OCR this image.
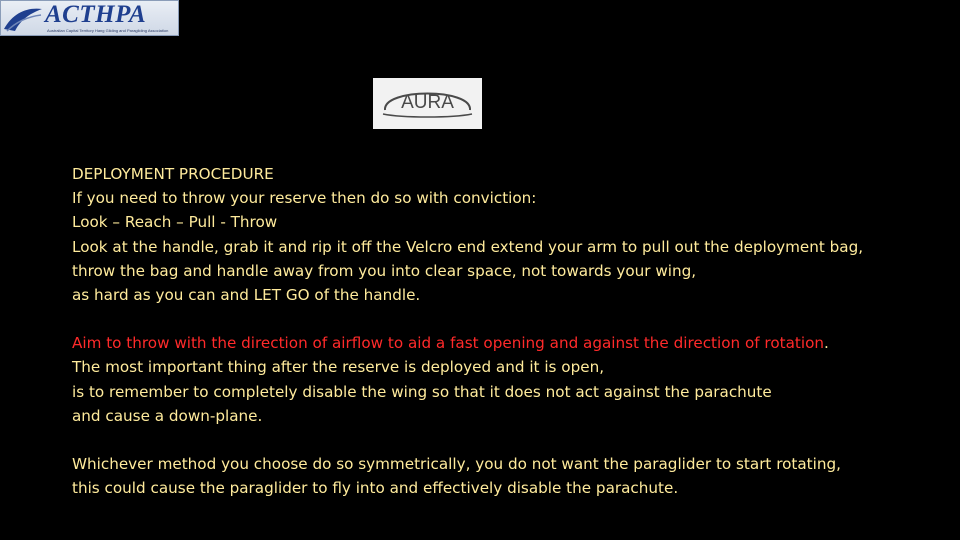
ACTHPA
Australian Capital Territory Hang Gliding and Paragliding Association
AURA

DEPLOYMENT PROCEDURE
If you need to throw your reserve then do so with conviction:
Look – Reach – Pull - Throw
Look at the handle, grab it and rip it off the Velcro end extend your arm to pull out the deployment bag,
throw the bag and handle away from you into clear space, not towards your wing,
as hard as you can and LET GO of the handle.

Aim to throw with the direction of airflow to aid a fast opening and against the direction of rotation.
The most important thing after the reserve is deployed and it is open,
is to remember to completely disable the wing so that it does not act against the parachute
and cause a down-plane.

Whichever method you choose do so symmetrically, you do not want the paraglider to start rotating,
this could cause the paraglider to fly into and effectively disable the parachute.
